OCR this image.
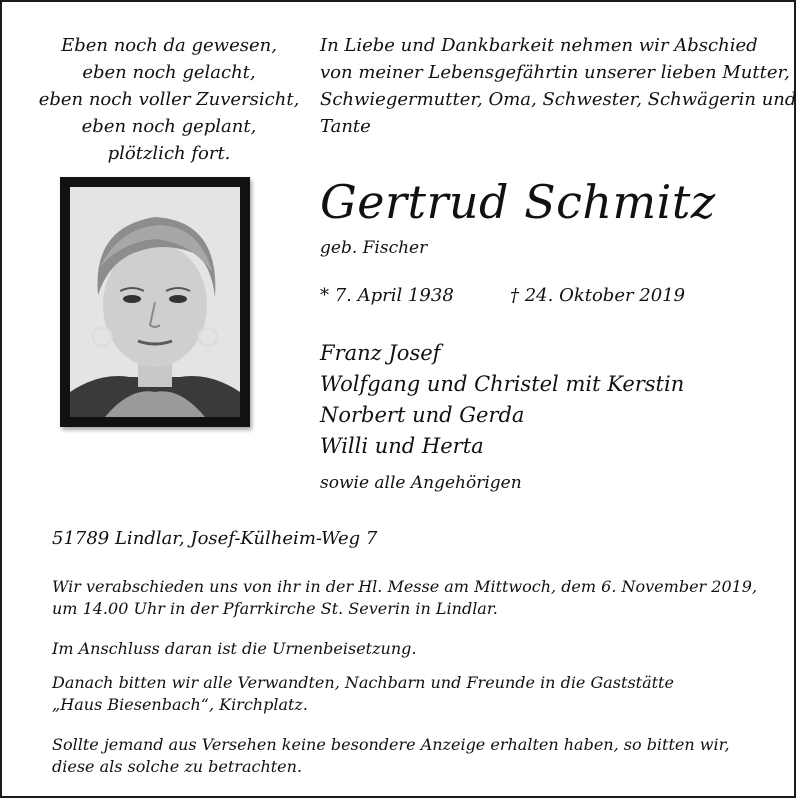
Eben noch da gewesen,
eben noch gelacht,
eben noch voller Zuversicht,
eben noch geplant,
plötzlich fort.
In Liebe und Dankbarkeit nehmen wir Abschied
von meiner Lebensgefährtin unserer lieben Mutter,
Schwiegermutter, Oma, Schwester, Schwägerin und
Tante
Gertrud Schmitz
geb. Fischer
* 7. April 1938	† 24. Oktober 2019
Franz Josef
Wolfgang und Christel mit Kerstin
Norbert und Gerda
Willi und Herta
sowie alle Angehörigen
51789 Lindlar, Josef-Külheim-Weg 7
Wir verabschieden uns von ihr in der Hl. Messe am Mittwoch, dem 6. November 2019,
um 14.00 Uhr in der Pfarrkirche St. Severin in Lindlar.
Im Anschluss daran ist die Urnenbeisetzung.
Danach bitten wir alle Verwandten, Nachbarn und Freunde in die Gaststätte
„Haus Biesenbach“, Kirchplatz.
Sollte jemand aus Versehen keine besondere Anzeige erhalten haben, so bitten wir,
diese als solche zu betrachten.
